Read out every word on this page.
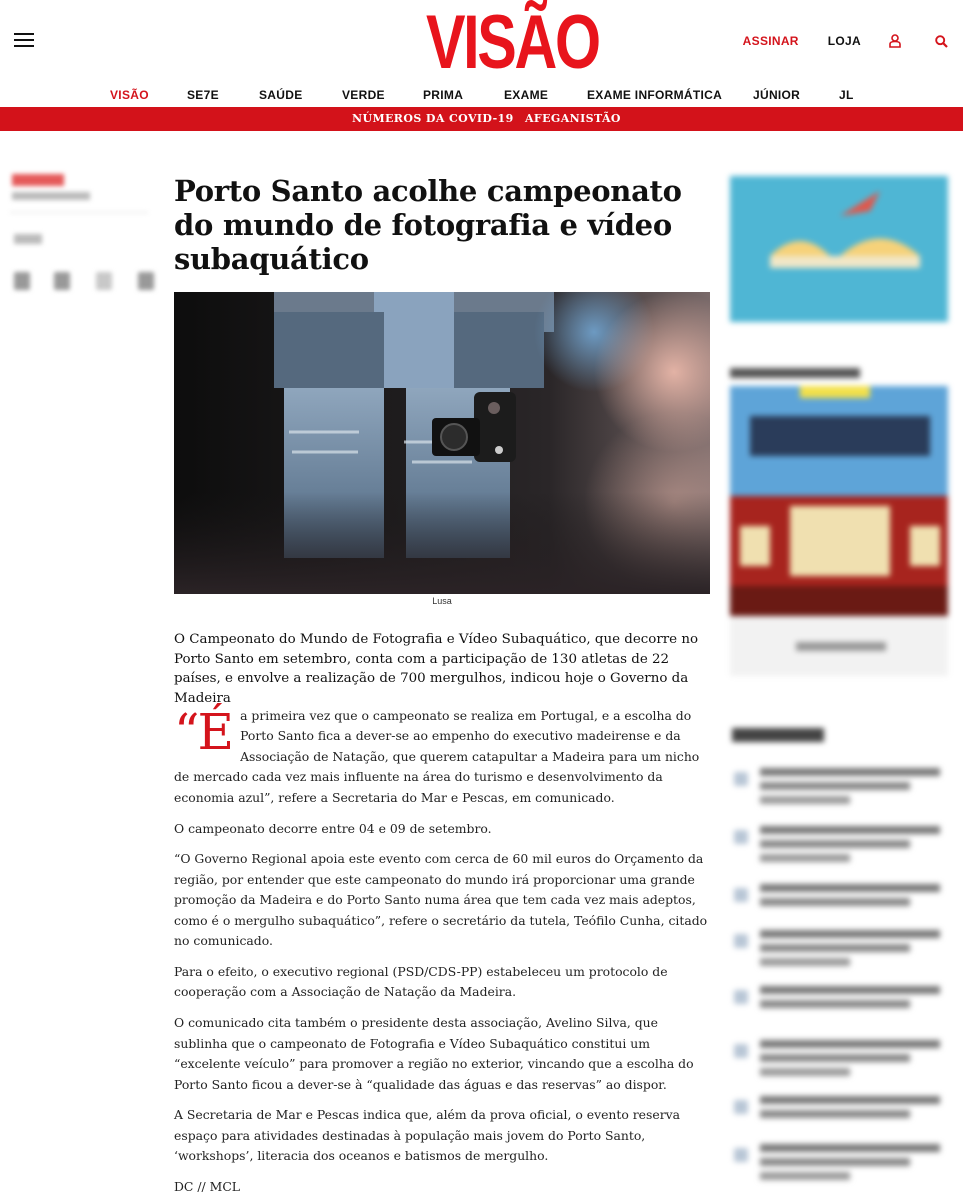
VISÃO	ASSINAR LOJA
VISÃO	SE7E	SAÚDE	VERDE	PRIMA	EXAME	EXAME INFORMÁTICA	JÚNIOR	JL
NÚMEROS DA COVID-19 AFEGANISTÃO
Porto Santo acolhe campeonato do mundo de fotografia e vídeo subaquático
Lusa

O Campeonato do Mundo de Fotografia e Vídeo Subaquático, que decorre no Porto Santo em setembro, conta com a participação de 130 atletas de 22 países, e envolve a realização de 700 mergulhos, indicou hoje o Governo da Madeira

“É a primeira vez que o campeonato se realiza em Portugal, e a escolha do Porto Santo fica a dever-se ao empenho do executivo madeirense e da Associação de Natação, que querem catapultar a Madeira para um nicho de mercado cada vez mais influente na área do turismo e desenvolvimento da economia azul”, refere a Secretaria do Mar e Pescas, em comunicado.

O campeonato decorre entre 04 e 09 de setembro.

“O Governo Regional apoia este evento com cerca de 60 mil euros do Orçamento da região, por entender que este campeonato do mundo irá proporcionar uma grande promoção da Madeira e do Porto Santo numa área que tem cada vez mais adeptos, como é o mergulho subaquático”, refere o secretário da tutela, Teófilo Cunha, citado no comunicado.

Para o efeito, o executivo regional (PSD/CDS-PP) estabeleceu um protocolo de cooperação com a Associação de Natação da Madeira.

O comunicado cita também o presidente desta associação, Avelino Silva, que sublinha que o campeonato de Fotografia e Vídeo Subaquático constitui um “excelente veículo” para promover a região no exterior, vincando que a escolha do Porto Santo ficou a dever-se à “qualidade das águas e das reservas” ao dispor.

A Secretaria de Mar e Pescas indica que, além da prova oficial, o evento reserva espaço para atividades destinadas à população mais jovem do Porto Santo, ‘workshops’, literacia dos oceanos e batismos de mergulho.

DC // MCL
